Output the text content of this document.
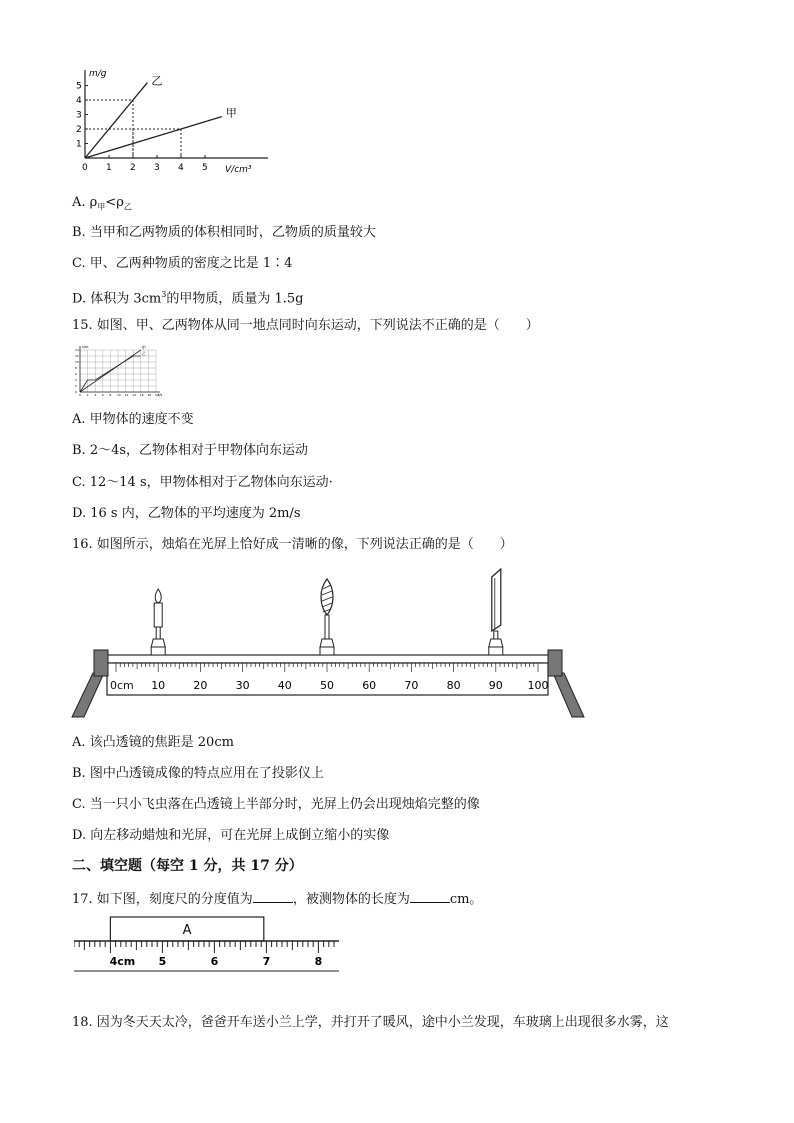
m/g
V/cm³
0 1 2 3 4 5
1
2
3
4
5	乙
甲
A. $\rho_甲<\rho_乙$
B. 当甲和乙两物质的体积相同时，乙物质的质量较大
C. 甲、乙两种物质的密度之比是 1∶4
D. 体积为 $3cm^3$的甲物质，质量为 1.5g
15. 如图、甲、乙两物体从同一地点同时向东运动，下列说法不正确的是（　　）
s/m
t/s
0 2 4 6 8 10 12 14 16 18 20
0
2
4
6
8
10
12
14	甲
乙
A. 甲物体的速度不变
B. 2～4s，乙物体相对于甲物体向东运动
C. 12～14 s，甲物体相对于乙物体向东运动·
D. 16 s 内，乙物体的平均速度为 2m/s
16. 如图所示，烛焰在光屏上恰好成一清晰的像，下列说法正确的是（　　）
0cm 10	20	30	40	50	60	70	80	90 100
A. 该凸透镜的焦距是 20cm
B. 图中凸透镜成像的特点应用在了投影仪上
C. 当一只小飞虫落在凸透镜上半部分时，光屏上仍会出现烛焰完整的像
D. 向左移动蜡烛和光屏，可在光屏上成倒立缩小的实像
二、填空题（每空 1 分，共 17 分）
17. 如下图，刻度尺的分度值为	，被测物体的长度为	cm。
A
4cm 5	6	7	8
18. 因为冬天天太冷，爸爸开车送小兰上学，并打开了暖风，途中小兰发现，车玻璃上出现很多水雾，这
